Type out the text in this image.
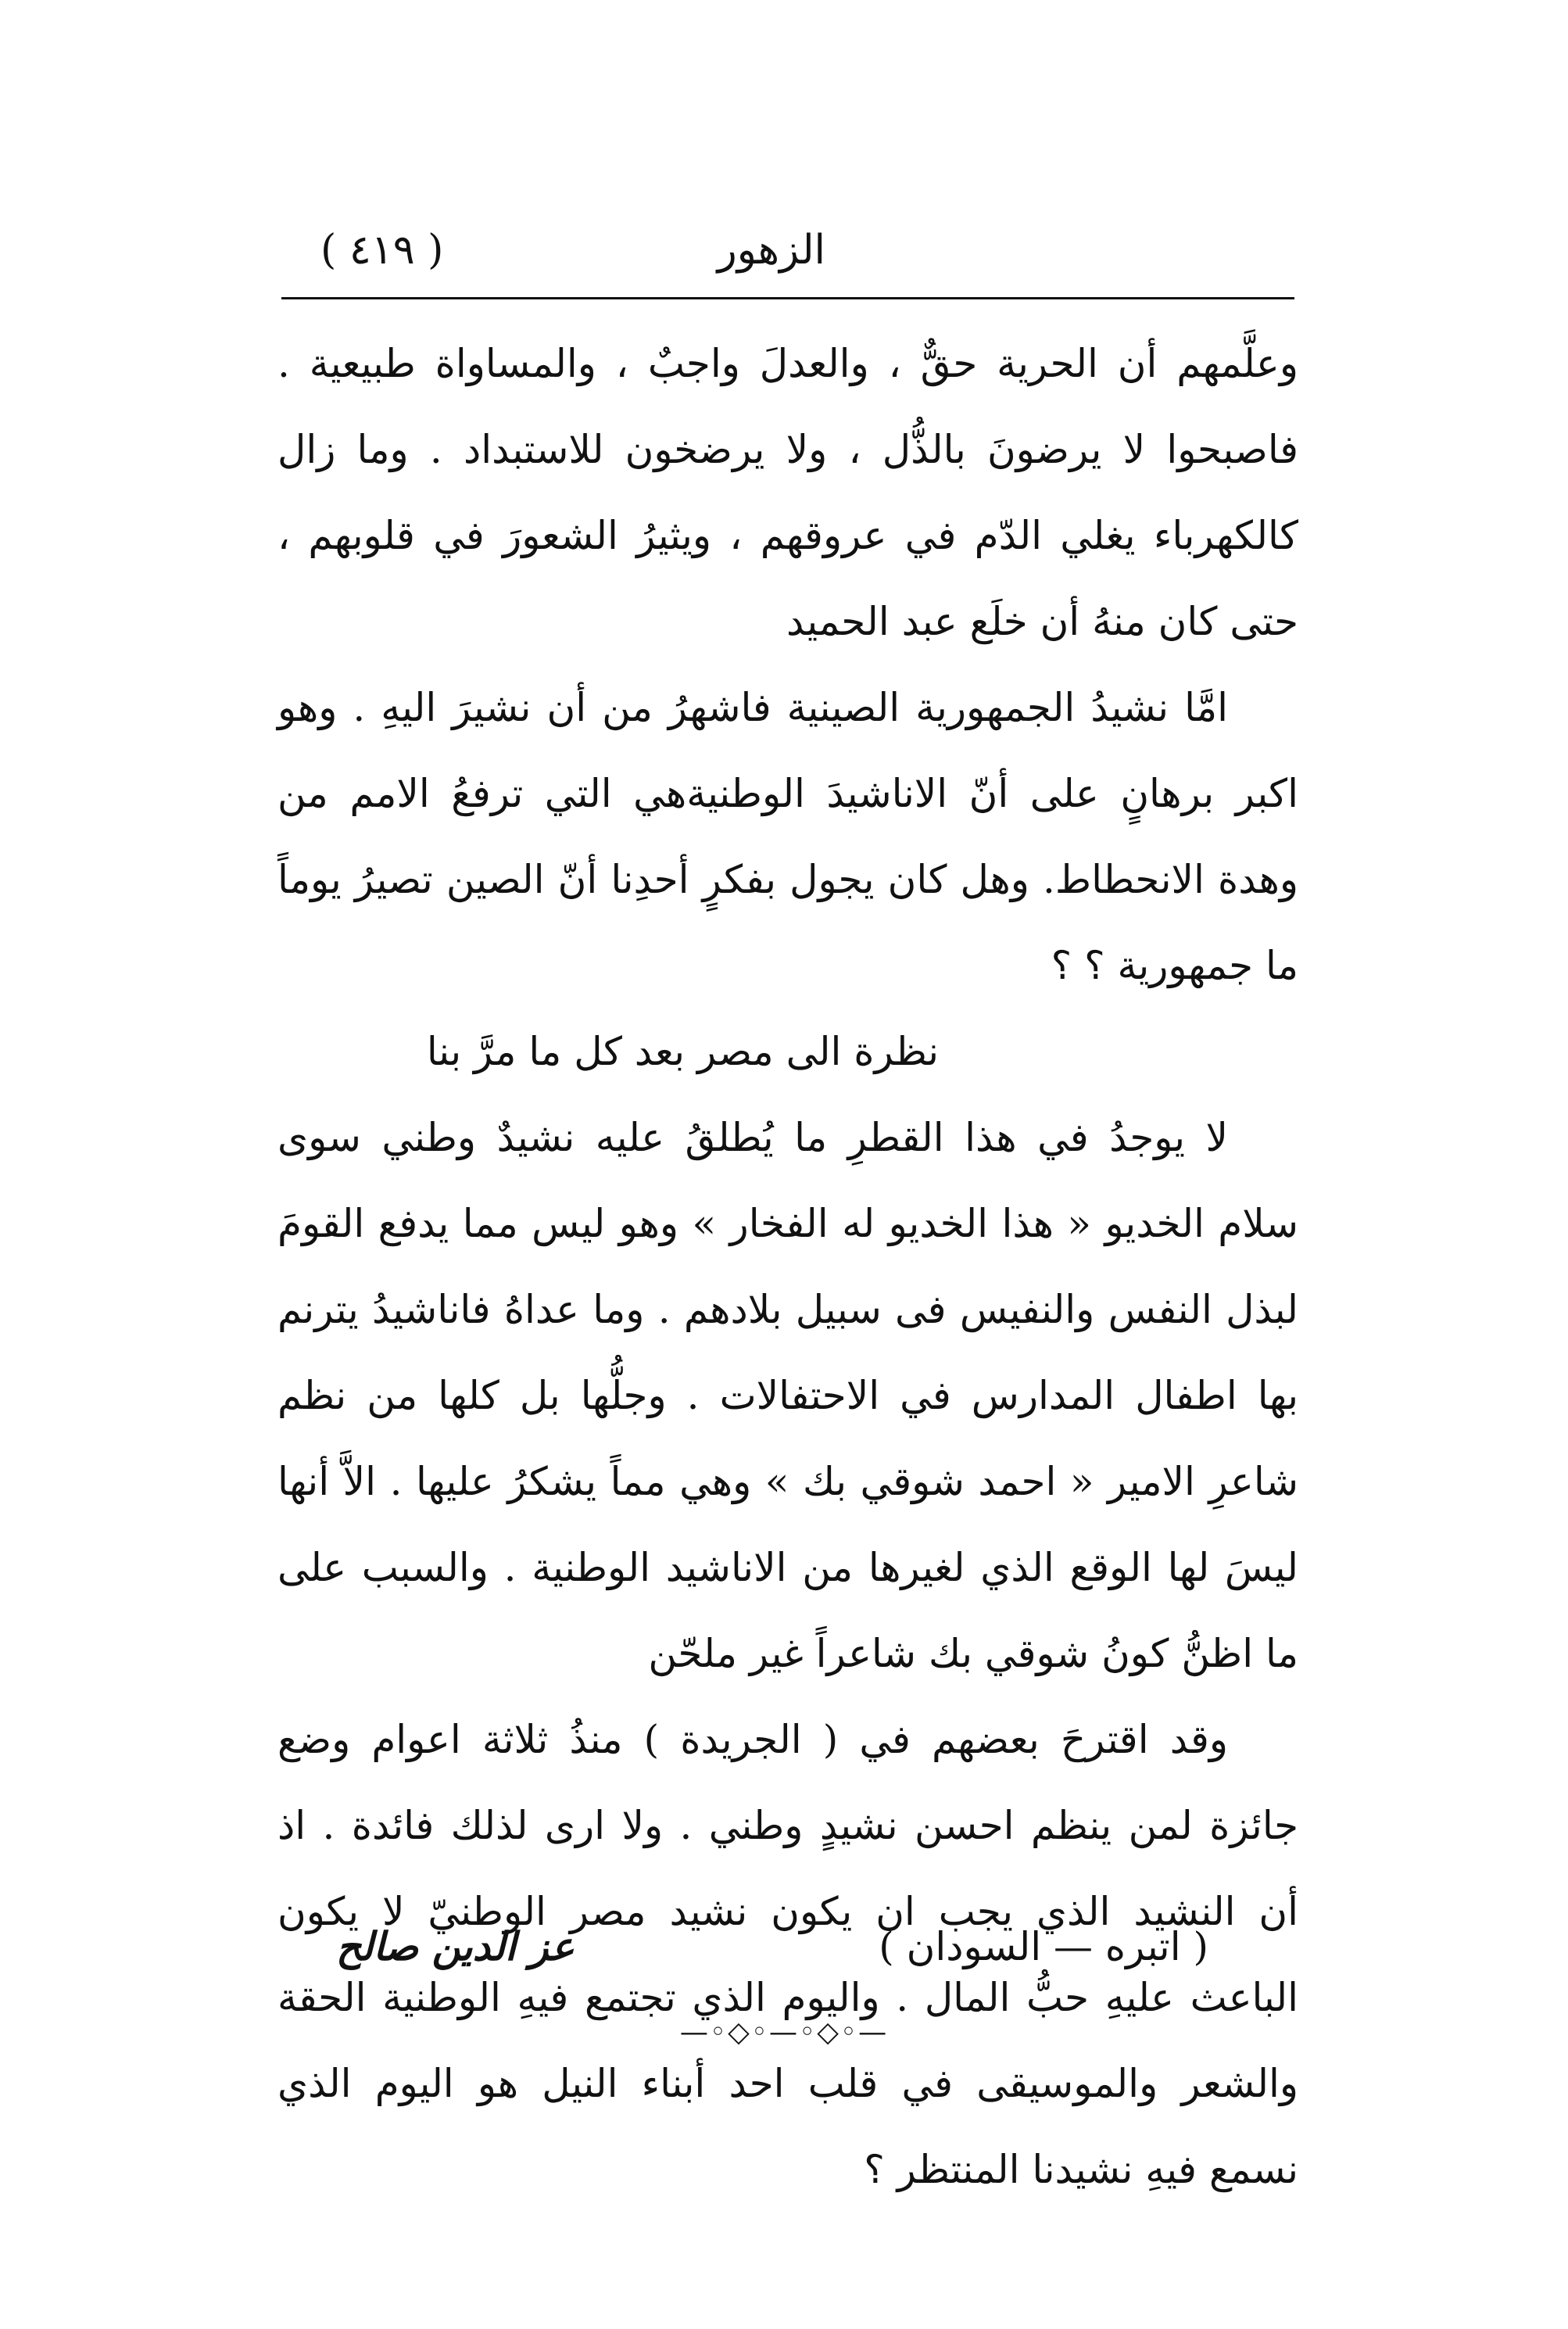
الزهور
( ٤١٩ )

وعلَّمهم أن الحرية حقٌّ ، والعدلَ واجبٌ ، والمساواة طبيعية . فاصبحوا لا يرضونَ بالذُّل ، ولا يرضخون للاستبداد . وما زال كالكهرباء يغلي الدّم في عروقهم ، ويثيرُ الشعورَ في قلوبهم ، حتى كان منهُ أن خلَع عبد الحميد

امَّا نشيدُ الجمهورية الصينية فاشهرُ من أن نشيرَ اليهِ . وهو اكبر برهانٍ على أنّ الاناشيدَ الوطنيةهي التي ترفعُ الامم من وهدة الانحطاط. وهل كان يجول بفكرٍ أحدِنا أنّ الصين تصيرُ يوماً ما جمهورية ؟ ؟

نظرة الى مصر بعد كل ما مرَّ بنا

لا يوجدُ في هذا القطرِ ما يُطلقُ عليه نشيدٌ وطني سوى سلام الخديو « هذا الخديو له الفخار » وهو ليس مما يدفع القومَ لبذل النفس والنفيس فى سبيل بلادهم . وما عداهُ فاناشيدُ يترنم بها اطفال المدارس في الاحتفالات . وجلُّها بل كلها من نظم شاعرِ الامير « احمد شوقي بك » وهي مماً يشكرُ عليها . الاَّ أنها ليسَ لها الوقع الذي لغيرها من الاناشيد الوطنية . والسبب على ما اظنُّ كونُ شوقي بك شاعراً غير ملحّن

وقد اقترحَ بعضهم في ( الجريدة ) منذُ ثلاثة اعوام وضع جائزة لمن ينظم احسن نشيدٍ وطني . ولا ارى لذلك فائدة . اذ أن النشيد الذي يجب ان يكون نشيد مصر الوطنيّ لا يكون الباعث عليهِ حبُّ المال . واليوم الذي تجتمع فيهِ الوطنية الحقة والشعر والموسيقى في قلب احد أبناء النيل هو اليوم الذي نسمع فيهِ نشيدنا المنتظر ؟

( اتبره — السودان )
عز الدين صالح
—◦◇◦—◦◇◦—
